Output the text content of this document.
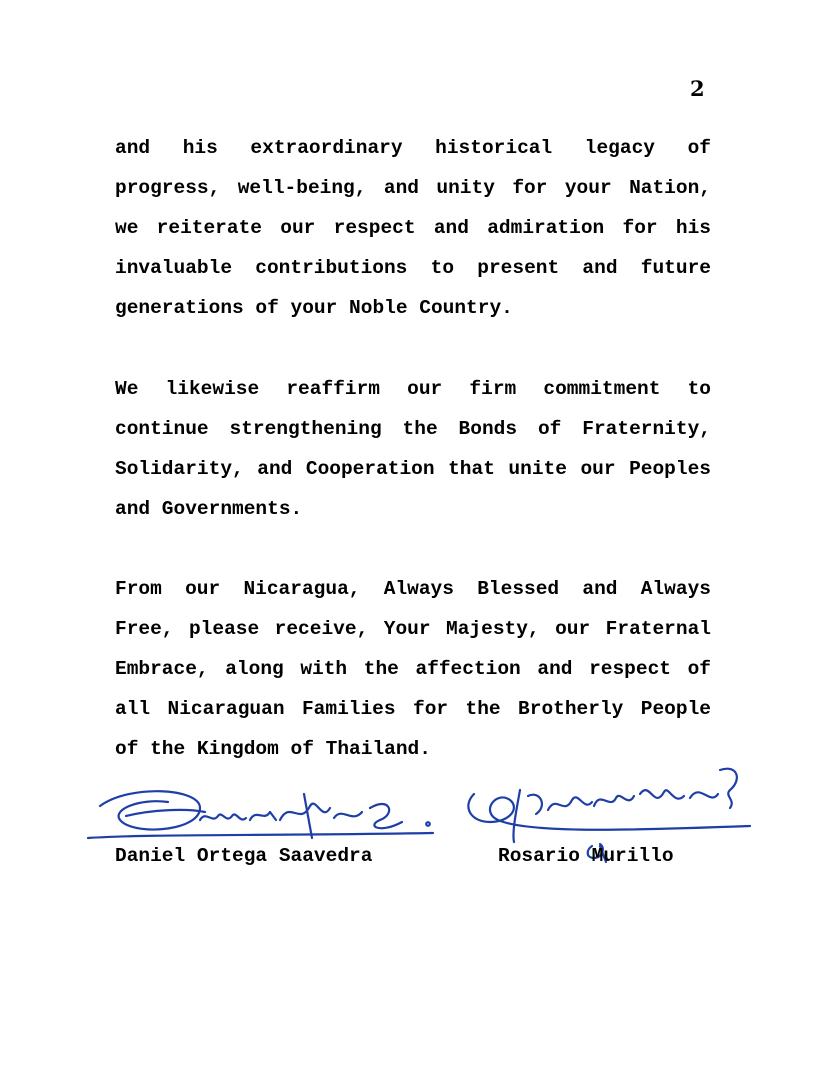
2

and his extraordinary historical legacy of progress, well-being, and unity for your Nation, we reiterate our respect and admiration for his invaluable contributions to present and future generations of your Noble Country.

We likewise reaffirm our firm commitment to continue strengthening the Bonds of Fraternity, Solidarity, and Cooperation that unite our Peoples and Governments.

From our Nicaragua, Always Blessed and Always Free, please receive, Your Majesty, our Fraternal Embrace, along with the affection and respect of all Nicaraguan Families for the Brotherly People of the Kingdom of Thailand.

Daniel Ortega Saavedra	Rosario Murillo
